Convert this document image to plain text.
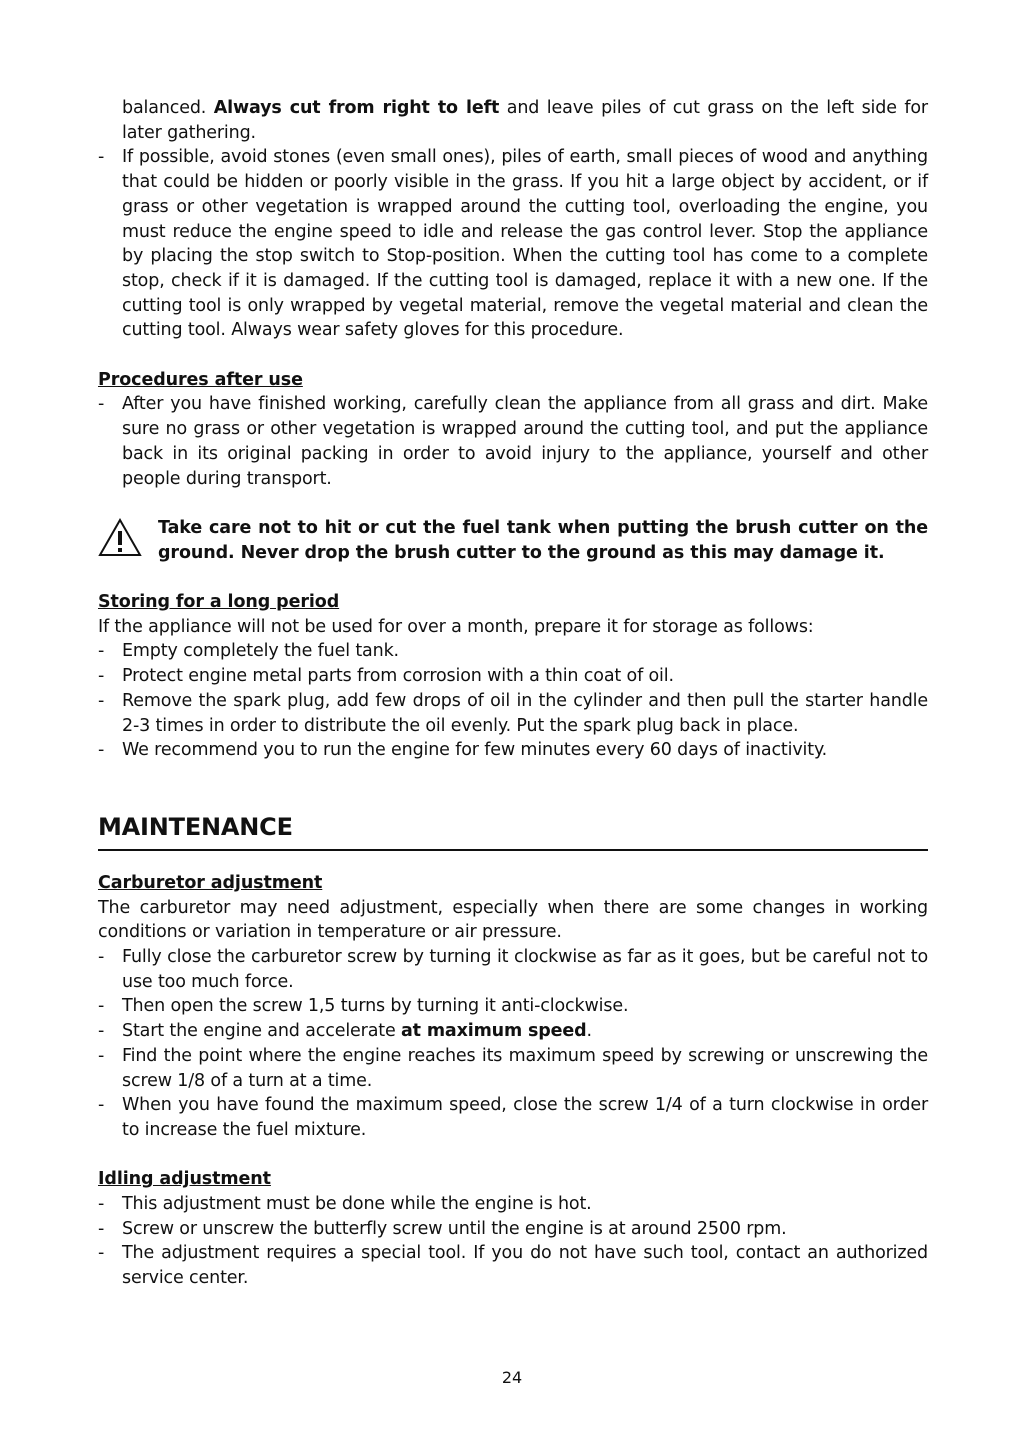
balanced. Always cut from right to left and leave piles of cut grass on the left side for later gathering.

- If possible, avoid stones (even small ones), piles of earth, small pieces of wood and anything that could be hidden or poorly visible in the grass. If you hit a large object by accident, or if grass or other vegetation is wrapped around the cutting tool, overloading the engine, you must reduce the engine speed to idle and release the gas control lever. Stop the appliance by placing the stop switch to Stop-position. When the cutting tool has come to a complete stop, check if it is damaged. If the cutting tool is damaged, replace it with a new one. If the cutting tool is only wrapped by vegetal material, remove the vegetal material and clean the cutting tool. Always wear safety gloves for this procedure.
Procedures after use
- After you have finished working, carefully clean the appliance from all grass and dirt. Make sure no grass or other vegetation is wrapped around the cutting tool, and put the appliance back in its original packing in order to avoid injury to the appliance, yourself and other people during transport.
Take care not to hit or cut the fuel tank when putting the brush cutter on the ground. Never drop the brush cutter to the ground as this may damage it.
Storing for a long period

If the appliance will not be used for over a month, prepare it for storage as follows:

- Empty completely the fuel tank.
- Protect engine metal parts from corrosion with a thin coat of oil.
- Remove the spark plug, add few drops of oil in the cylinder and then pull the starter handle 2-3 times in order to distribute the oil evenly. Put the spark plug back in place.
- We recommend you to run the engine for few minutes every 60 days of inactivity.
MAINTENANCE
Carburetor adjustment

The carburetor may need adjustment, especially when there are some changes in working conditions or variation in temperature or air pressure.

- Fully close the carburetor screw by turning it clockwise as far as it goes, but be careful not to use too much force.
- Then open the screw 1,5 turns by turning it anti-clockwise.
- Start the engine and accelerate at maximum speed.
- Find the point where the engine reaches its maximum speed by screwing or unscrewing the screw 1/8 of a turn at a time.
- When you have found the maximum speed, close the screw 1/4 of a turn clockwise in order to increase the fuel mixture.
Idling adjustment
- This adjustment must be done while the engine is hot.
- Screw or unscrew the butterfly screw until the engine is at around 2500 rpm.
- The adjustment requires a special tool. If you do not have such tool, contact an authorized service center.
24
